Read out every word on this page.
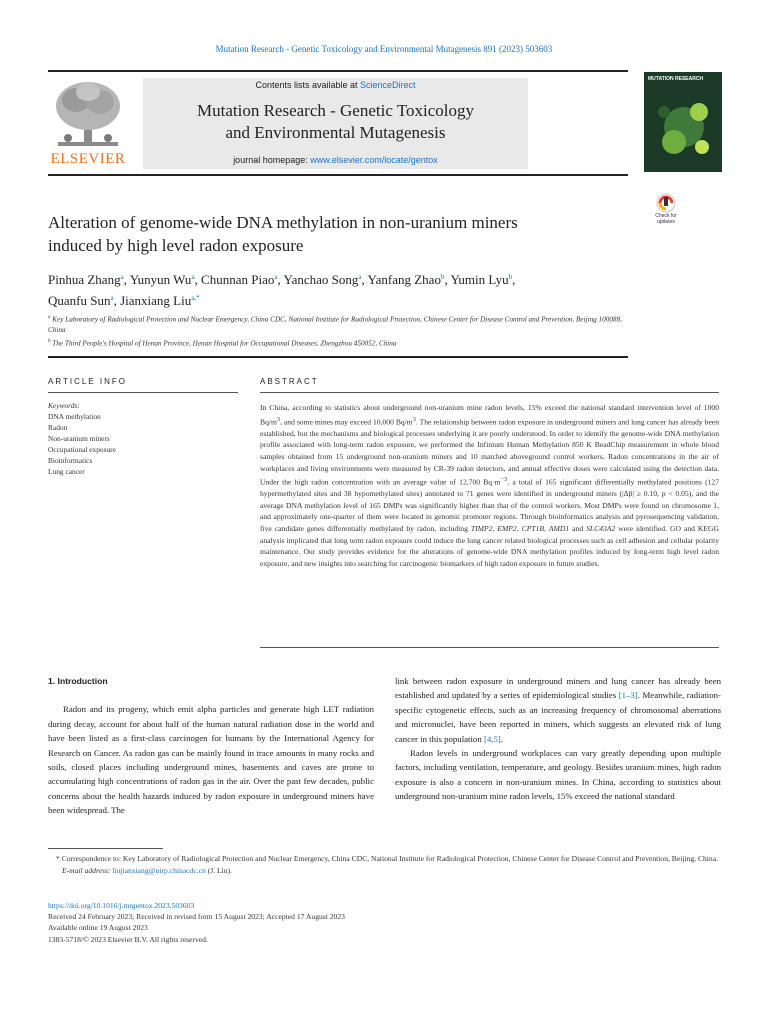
Mutation Research - Genetic Toxicology and Environmental Mutagenesis 891 (2023) 503603
ELSEVIER
Contents lists available at ScienceDirect
Mutation Research - Genetic Toxicology
and Environmental Mutagenesis
journal homepage: www.elsevier.com/locate/gentox
MUTATION RESEARCH
Check for updates
Alteration of genome-wide DNA methylation in non-uranium miners
induced by high level radon exposure
Pinhua Zhang$^a$, Yunyun Wu$^a$, Chunnan Piao$^a$, Yanchao Song$^a$, Yanfang Zhao$^b$, Yumin Lyu$^b$,
Quanfu Sun$^a$, Jianxiang Liu$^{a,*}$
$^a$ Key Laboratory of Radiological Protection and Nuclear Emergency, China CDC, National Institute for Radiological Protection, Chinese Center for Disease Control and Prevention, Beijing 100088, China
$^b$ The Third People's Hospital of Henan Province, Henan Hospital for Occupational Diseases, Zhengzhou 450052, China
ARTICLE INFO	ABSTRACT
Keywords:
DNA methylation
Radon
Non-uranium miners
Occupational exposure
Bioinformatics
Lung cancer

In China, according to statistics about underground non-uranium mine radon levels, 15% exceed the national standard intervention level of 1000 $Bq/m^3$, and some mines may exceed 10,000 $Bq/m^3$. The relationship between radon exposure in underground miners and lung cancer has already been established, but the mechanisms and biological processes underlying it are poorly understood. In order to identify the genome-wide DNA methylation profile associated with long-term radon exposure, we performed the Infinium Human Methylation 850 K BeadChip measurement in whole blood samples obtained from 15 underground non-uranium miners and 10 matched aboveground control workers. Radon concentrations in the air of workplaces and living environments were measured by CR-39 radon detectors, and annual effective doses were calculated using the detection data. Under the high radon concentration with an average value of 12,700 $Bq\cdot m^{-3}$, a total of 165 significant differentially methylated positions (127 hypermethylated sites and 38 hypomethylated sites) annotated to 71 genes were identified in underground miners (|Δβ| ≥ 0.10, p < 0.05), and the average DNA methylation level of 165 DMPs was significantly higher than that of the control workers. Most DMPs were found on chromosome 1, and approximately one-quarter of them were located in genomic promoter regions. Through bioinformatics analysis and pyrosequencing validation, five candidate genes differentially methylated by radon, including TIMP2, EMP2, CPT1B, AMD1 and SLC43A2 were identified. GO and KEGG analysis implicated that long term radon exposure could induce the lung cancer related biological processes such as cell adhesion and cellular polarity maintenance. Our study provides evidence for the alterations of genome-wide DNA methylation profiles induced by long-term high level radon exposure, and new insights into searching for carcinogenic biomarkers of high radon exposure in future studies.

1. Introduction

Radon and its progeny, which emit alpha particles and generate high LET radiation during decay, account for about half of the human natural radiation dose in the world and have been listed as a first-class carcinogen for humans by the International Agency for Research on Cancer. As radon gas can be mainly found in trace amounts in many rocks and soils, closed places including underground mines, basements and caves are prone to accumulating high concentrations of radon gas in the air. Over the past few decades, public concerns about the health hazards induced by radon exposure in underground miners have been widespread. The

link between radon exposure in underground miners and lung cancer has already been established and updated by a series of epidemiological studies [1–3]. Meanwhile, radiation-specific cytogenetic effects, such as an increasing frequency of chromosomal aberrations and micronuclei, have been reported in miners, which suggests an elevated risk of lung cancer in this population [4,5].

Radon levels in underground workplaces can vary greatly depending upon multiple factors, including ventilation, temperature, and geology. Besides uranium mines, high radon exposure is also a concern in non-uranium mines. In China, according to statistics about underground non-uranium mine radon levels, 15% exceed the national standard

* Correspondence to: Key Laboratory of Radiological Protection and Nuclear Emergency, China CDC, National Institute for Radiological Protection, Chinese Center for Disease Control and Prevention, Beijing, China.
E-mail address: liujianxiang@nirp.chinacdc.cn (J. Liu).
https://doi.org/10.1016/j.mrgentox.2023.503603
Received 24 February 2023; Received in revised form 15 August 2023; Accepted 17 August 2023
Available online 19 August 2023
1383-5718/© 2023 Elsevier B.V. All rights reserved.
